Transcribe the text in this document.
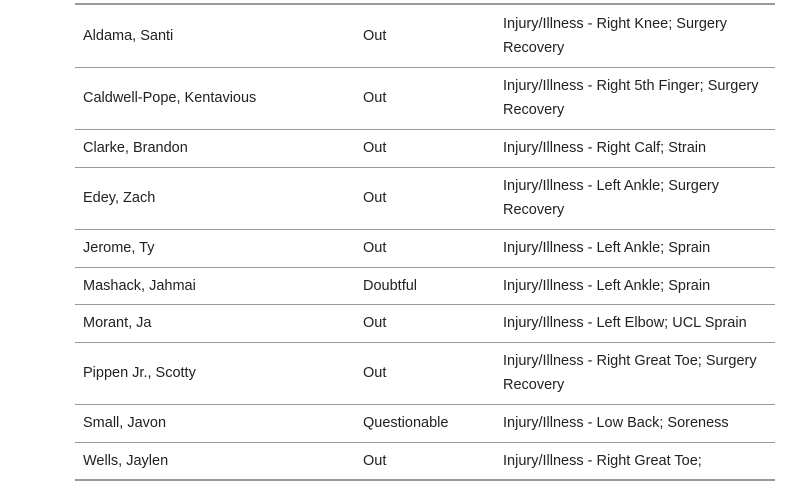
Aldama, Santi	Out	Injury/Illness - Right Knee; Surgery Recovery
Caldwell-Pope, Kentavious	Out	Injury/Illness - Right 5th Finger; Surgery Recovery
Clarke, Brandon	Out	Injury/Illness - Right Calf; Strain
Edey, Zach	Out	Injury/Illness - Left Ankle; Surgery Recovery
Jerome, Ty	Out	Injury/Illness - Left Ankle; Sprain
Mashack, Jahmai	Doubtful	Injury/Illness - Left Ankle; Sprain
Morant, Ja	Out	Injury/Illness - Left Elbow; UCL Sprain
Pippen Jr., Scotty	Out	Injury/Illness - Right Great Toe; Surgery Recovery
Small, Javon	Questionable	Injury/Illness - Low Back; Soreness
Wells, Jaylen	Out	Injury/Illness - Right Great Toe;
